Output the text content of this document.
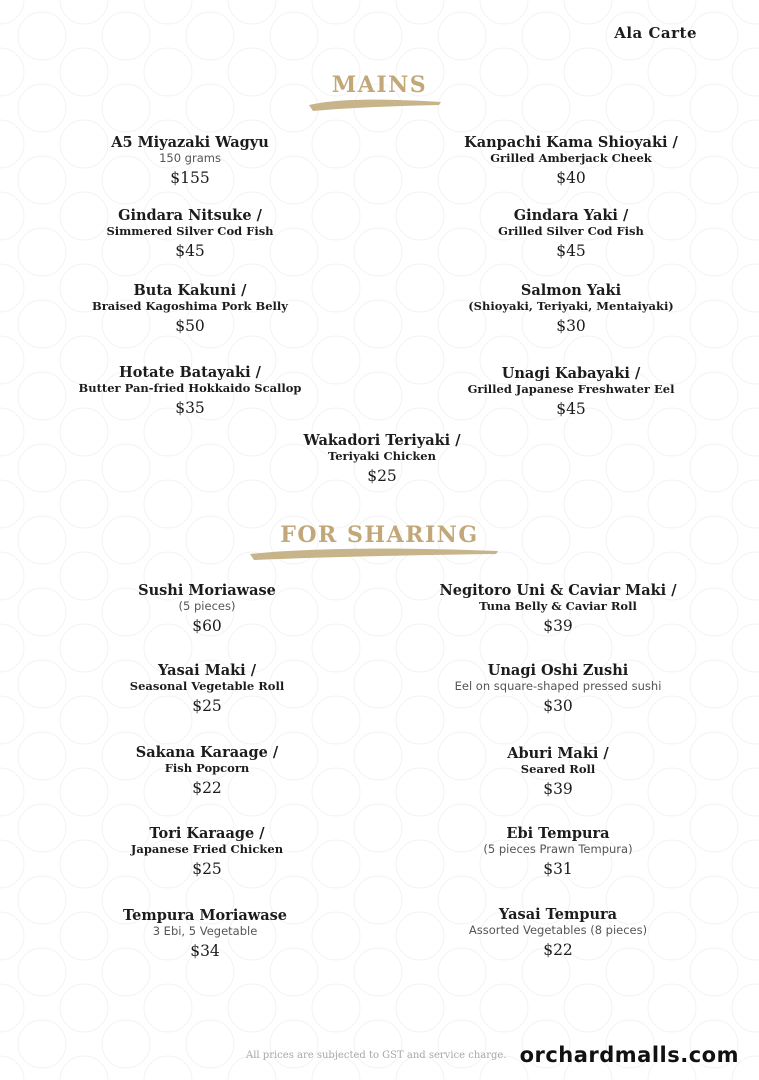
Ala Carte
MAINS
A5 Miyazaki Wagyu
150 grams
$155
Kanpachi Kama Shioyaki /
Grilled Amberjack Cheek
$40
Gindara Nitsuke /
Simmered Silver Cod Fish
$45
Gindara Yaki /
Grilled Silver Cod Fish
$45
Buta Kakuni /
Braised Kagoshima Pork Belly
$50
Salmon Yaki
(Shioyaki, Teriyaki, Mentaiyaki)
$30
Hotate Batayaki /
Butter Pan-fried Hokkaido Scallop
$35
Unagi Kabayaki /
Grilled Japanese Freshwater Eel
$45
Wakadori Teriyaki /
Teriyaki Chicken
$25
FOR SHARING
Sushi Moriawase
(5 pieces)
$60
Negitoro Uni & Caviar Maki /
Tuna Belly & Caviar Roll
$39
Yasai Maki /
Seasonal Vegetable Roll
$25
Unagi Oshi Zushi
Eel on square-shaped pressed sushi
$30
Sakana Karaage /
Fish Popcorn
$22
Aburi Maki /
Seared Roll
$39
Tori Karaage /
Japanese Fried Chicken
$25
Ebi Tempura
(5 pieces Prawn Tempura)
$31
Tempura Moriawase
3 Ebi, 5 Vegetable
$34
Yasai Tempura
Assorted Vegetables (8 pieces)
$22
All prices are subjected to GST and service charge. orchardmalls.com
